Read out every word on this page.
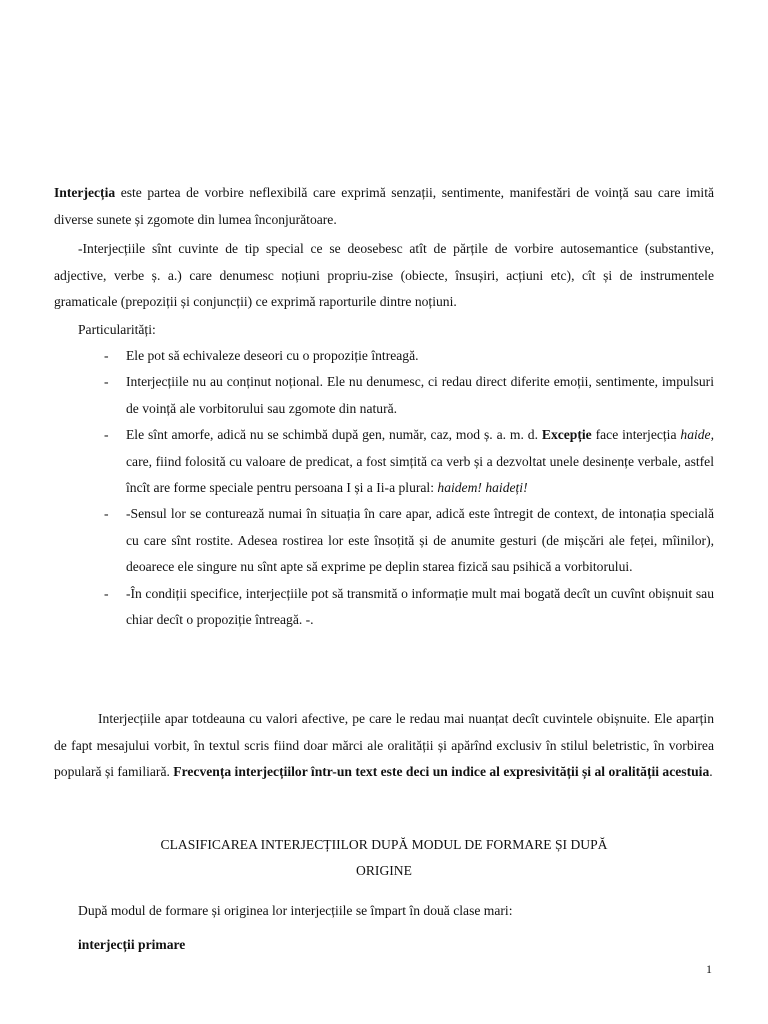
Interjecția este partea de vorbire neflexibilă care exprimă senzații, sentimente, manifestări de voință sau care imită diverse sunete și zgomote din lumea înconjurătoare.

-Interjecțiile sînt cuvinte de tip special ce se deosebesc atît de părțile de vorbire autosemantice (substantive, adjective, verbe ș. a.) care denumesc noțiuni propriu-zise (obiecte, însușiri, acțiuni etc), cît și de instrumentele gramaticale (prepoziții și conjuncții) ce exprimă raporturile dintre noțiuni.

Particularități:
- Ele pot să echivaleze deseori cu o propoziție întreagă.
- Interjecțiile nu au conținut noțional. Ele nu denumesc, ci redau direct diferite emoții, sentimente, impulsuri de voință ale vorbitorului sau zgomote din natură.
- Ele sînt amorfe, adică nu se schimbă după gen, număr, caz, mod ș. a. m. d. Excepție face interjecția haide, care, fiind folosită cu valoare de predicat, a fost simțită ca verb și a dezvoltat unele desinențe verbale, astfel încît are forme speciale pentru persoana I și a Ii-a plural: haidem! haideți!
- -Sensul lor se conturează numai în situația în care apar, adică este întregit de context, de intonația specială cu care sînt rostite. Adesea rostirea lor este însoțită și de anumite gesturi (de mișcări ale feței, mîinilor), deoarece ele singure nu sînt apte să exprime pe deplin starea fizică sau psihică a vorbitorului.
- -În condiții specifice, interjecțiile pot să transmită o informație mult mai bogată decît un cuvînt obișnuit sau chiar decît o propoziție întreagă. -.

Interjecțiile apar totdeauna cu valori afective, pe care le redau mai nuanțat decît cuvintele obișnuite. Ele aparțin de fapt mesajului vorbit, în textul scris fiind doar mărci ale oralității și apărînd exclusiv în stilul beletristic, în vorbirea populară și familiară. Frecvența interjecțiilor într-un text este deci un indice al expresivității și al oralității acestuia.

CLASIFICAREA INTERJECȚIILOR DUPĂ MODUL DE FORMARE ȘI DUPĂ
ORIGINE
După modul de formare și originea lor interjecțiile se împart în două clase mari:
interjecții primare
1
